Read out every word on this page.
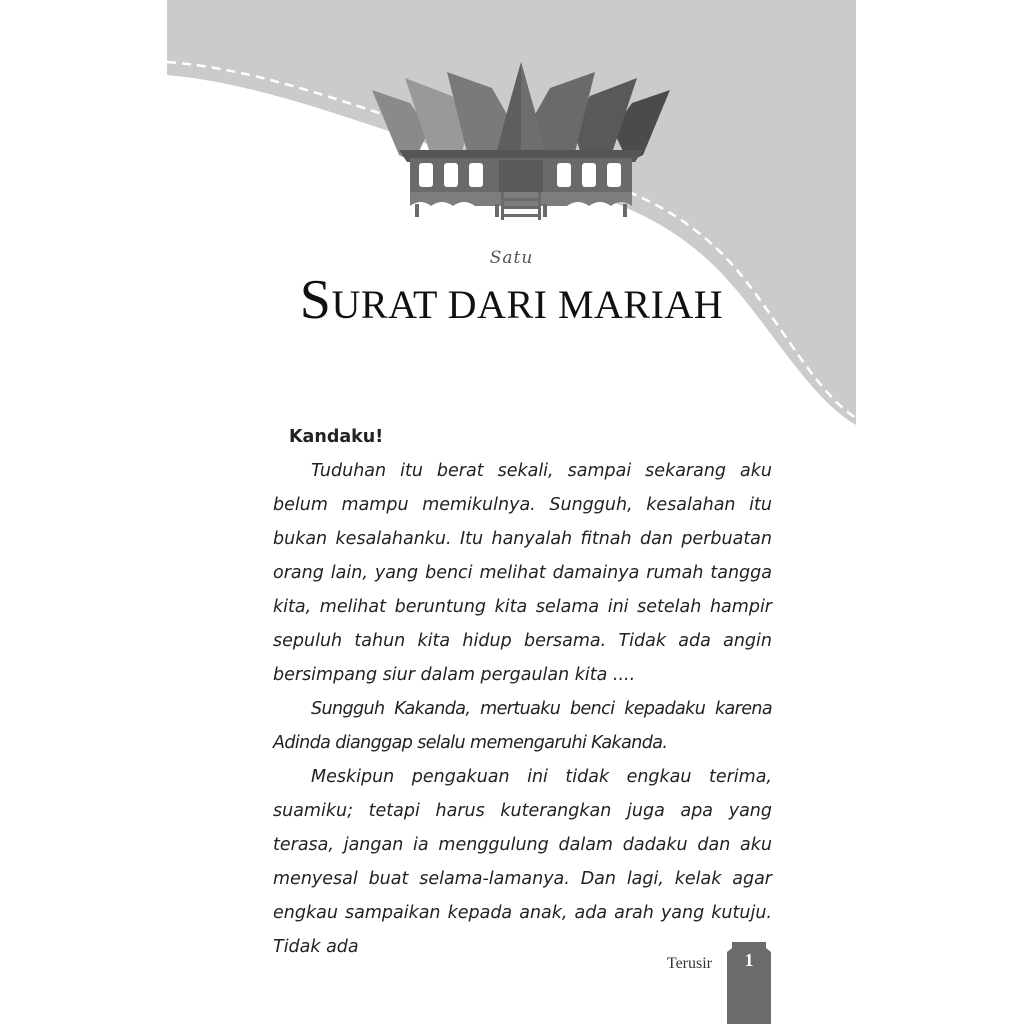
Satu
SURAT DARI MARIAH

Kandaku!

Tuduhan itu berat sekali, sampai sekarang aku belum mampu memikulnya. Sungguh, kesalahan itu bukan kesalahanku. Itu hanyalah fitnah dan perbuatan orang lain, yang benci melihat damainya rumah tangga kita, melihat beruntung kita selama ini setelah hampir sepuluh tahun kita hidup bersama. Tidak ada angin bersimpang siur dalam pergaulan kita ....

Sungguh Kakanda, mertuaku benci kepadaku karena Adinda dianggap selalu memengaruhi Kakanda.

Meskipun pengakuan ini tidak engkau terima, suamiku; tetapi harus kuterangkan juga apa yang terasa, jangan ia menggulung dalam dadaku dan aku menyesal buat selama-lamanya. Dan lagi, kelak agar engkau sampaikan kepada anak, ada arah yang kutuju. Tidak ada

Terusir	1
